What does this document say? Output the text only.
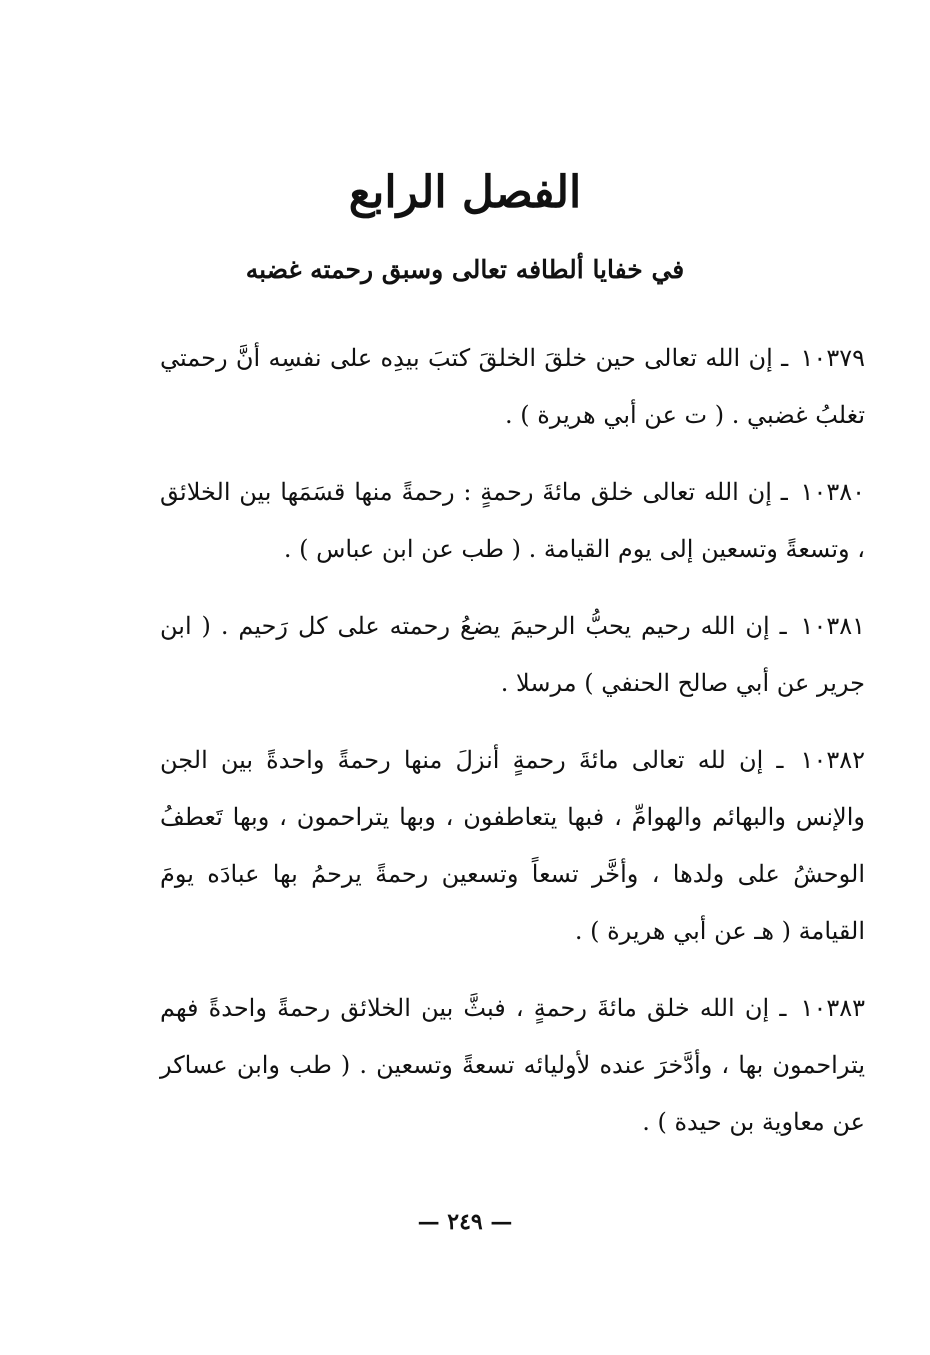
الفصل الرابع
في خفايا ألطافه تعالى وسبق رحمته غضبه

١٠٣٧٩ ـ إن الله تعالى حين خلقَ الخلقَ كتبَ بيدِه على نفسِه أنَّ رحمتي تغلبُ غضبي . ( ت عن أبي هريرة ) .

١٠٣٨٠ ـ إن الله تعالى خلق مائةَ رحمةٍ : رحمةً منها قسَمَها بين الخلائق ، وتسعةً وتسعين إلى يوم القيامة . ( طب عن ابن عباس ) .

١٠٣٨١ ـ إن الله رحيم يحبُّ الرحيمَ يضعُ رحمته على كل رَحيم . ( ابن جرير عن أبي صالح الحنفي ) مرسلا .

١٠٣٨٢ ـ إن لله تعالى مائةَ رحمةٍ أنزلَ منها رحمةً واحدةً بين الجن والإنس والبهائم والهوامِّ ، فبها يتعاطفون ، وبها يتراحمون ، وبها تَعطفُ الوحشُ على ولدها ، وأخَّر تسعاً وتسعين رحمةً يرحمُ بها عبادَه يومَ القيامة ( هـ عن أبي هريرة ) .

١٠٣٨٣ ـ إن الله خلق مائةَ رحمةٍ ، فبثَّ بين الخلائق رحمةً واحدةً فهم يتراحمون بها ، وأدَّخرَ عنده لأوليائه تسعةً وتسعين . ( طب وابن عساكر عن معاوية بن حيدة ) .

— ٢٤٩ —
